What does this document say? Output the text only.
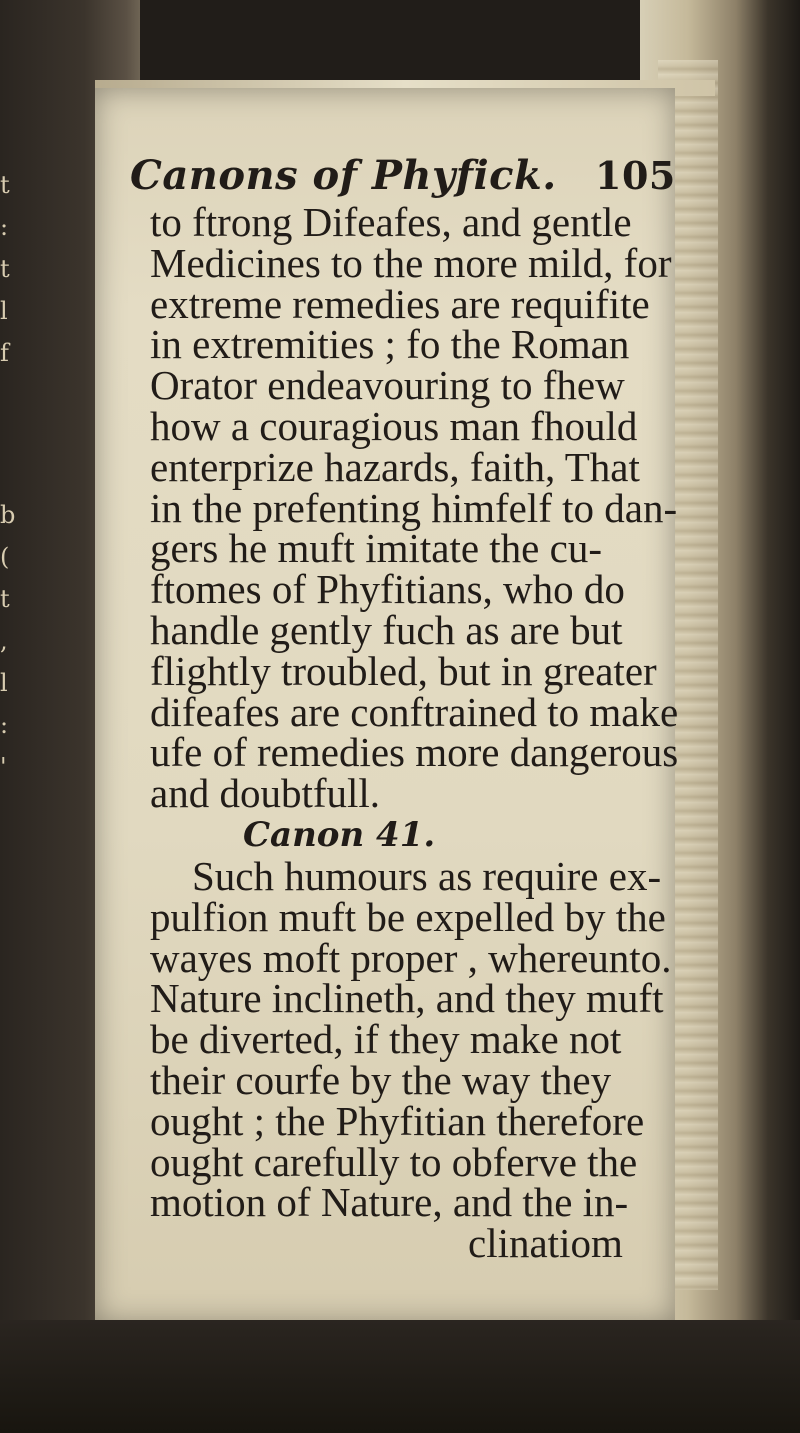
t
:
t
l
f
b
(
t
,
l
:
'
Canons of Phyfick. 105
to ftrong Difeafes, and gentle
Medicines to the more mild, for
extreme remedies are requifite
in extremities ; fo the Roman
Orator endeavouring to fhew
how a couragious man fhould
enterprize hazards, faith, That
in the prefenting himfelf to dan-
gers he muft imitate the cu-
ftomes of Phyfitians, who do
handle gently fuch as are but
flightly troubled, but in greater
difeafes are conftrained to make
ufe of remedies more dangerous
and doubtfull.
Canon 41.
Such humours as require ex-
pulfion muft be expelled by the
wayes moft proper , whereunto.
Nature inclineth, and they muft
be diverted, if they make not
their courfe by the way they
ought ; the Phyfitian therefore
ought carefully to obferve the
motion of Nature, and the in-
clinatiom
